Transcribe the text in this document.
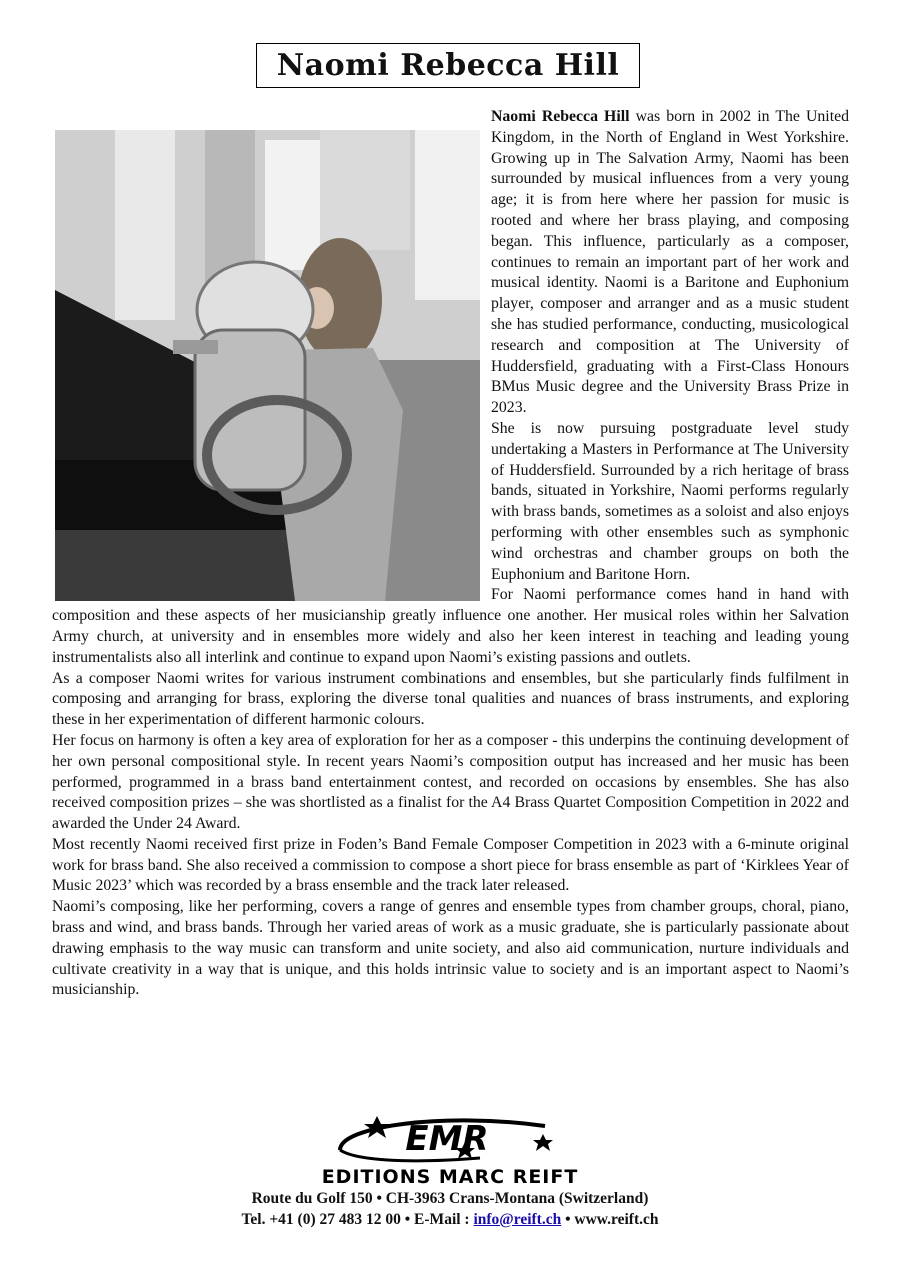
Naomi Rebecca Hill

Naomi Rebecca Hill was born in 2002 in The United Kingdom, in the North of England in West Yorkshire. Growing up in The Salvation Army, Naomi has been surrounded by musical influences from a very young age; it is from here where her passion for music is rooted and where her brass playing, and composing began. This influence, particularly as a composer, continues to remain an important part of her work and musical identity. Naomi is a Baritone and Euphonium player, composer and arranger and as a music student she has studied performance, conducting, musicological research and composition at The University of Huddersfield, graduating with a First-Class Honours BMus Music degree and the University Brass Prize in 2023.

She is now pursuing postgraduate level study undertaking a Masters in Performance at The University of Huddersfield. Surrounded by a rich heritage of brass bands, situated in Yorkshire, Naomi performs regularly with brass bands, sometimes as a soloist and also enjoys performing with other ensembles such as symphonic wind orchestras and chamber groups on both the Euphonium and Baritone Horn.

For Naomi performance comes hand in hand with composition and these aspects of her musicianship greatly influence one another. Her musical roles within her Salvation Army church, at university and in ensembles more widely and also her keen interest in teaching and leading young instrumentalists also all interlink and continue to expand upon Naomi’s existing passions and outlets.

As a composer Naomi writes for various instrument combinations and ensembles, but she particularly finds fulfilment in composing and arranging for brass, exploring the diverse tonal qualities and nuances of brass instruments, and exploring these in her experimentation of different harmonic colours.

Her focus on harmony is often a key area of exploration for her as a composer - this underpins the continuing development of her own personal compositional style. In recent years Naomi’s composition output has increased and her music has been performed, programmed in a brass band entertainment contest, and recorded on occasions by ensembles. She has also received composition prizes – she was shortlisted as a finalist for the A4 Brass Quartet Composition Competition in 2022 and awarded the Under 24 Award.

Most recently Naomi received first prize in Foden’s Band Female Composer Competition in 2023 with a 6-minute original work for brass band. She also received a commission to compose a short piece for brass ensemble as part of ‘Kirklees Year of Music 2023’ which was recorded by a brass ensemble and the track later released.

Naomi’s composing, like her performing, covers a range of genres and ensemble types from chamber groups, choral, piano, brass and wind, and brass bands. Through her varied areas of work as a music graduate, she is particularly passionate about drawing emphasis to the way music can transform and unite society, and also aid communication, nurture individuals and cultivate creativity in a way that is unique, and this holds intrinsic value to society and is an important aspect to Naomi’s musicianship.

EMR
EDITIONS MARC REIFT
Route du Golf 150 • CH-3963 Crans-Montana (Switzerland)
Tel. +41 (0) 27 483 12 00 • E-Mail : info@reift.ch • www.reift.ch
